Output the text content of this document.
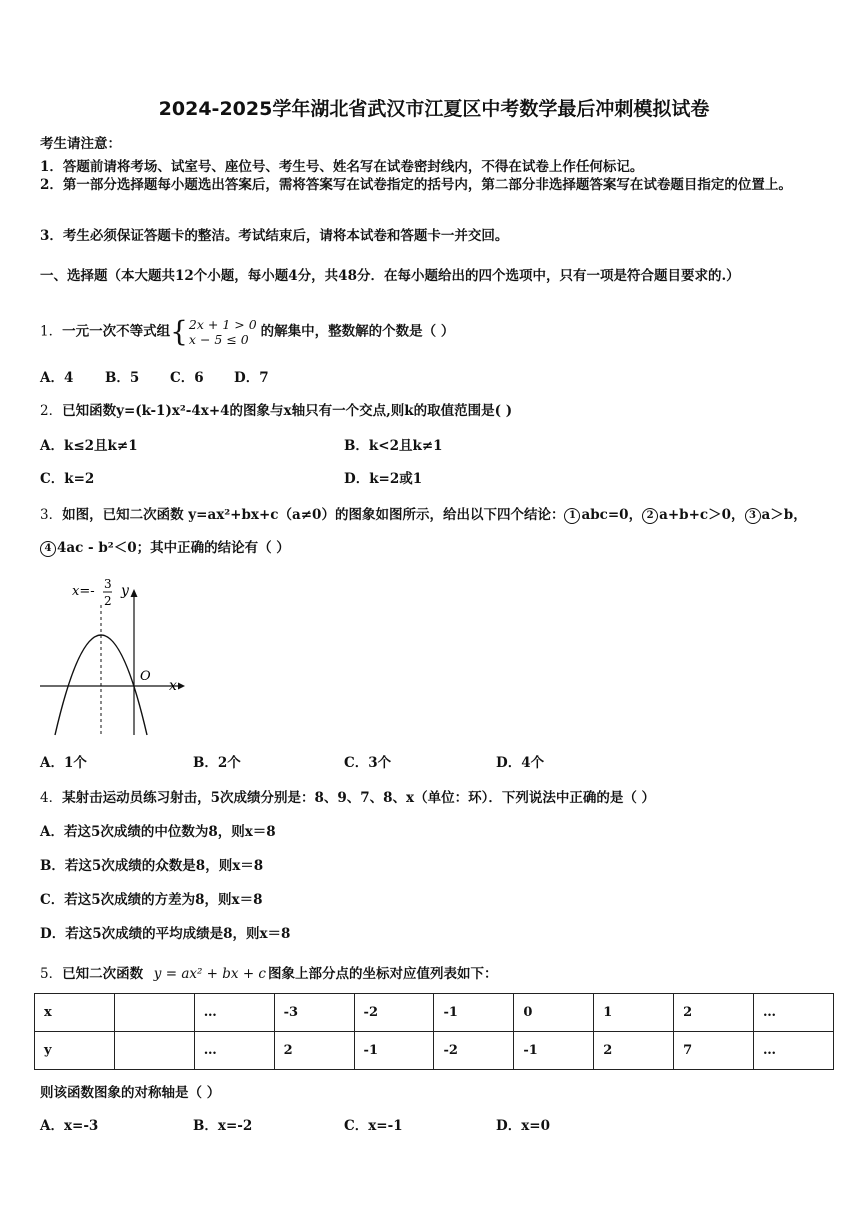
2024-2025学年湖北省武汉市江夏区中考数学最后冲刺模拟试卷
考生请注意：
1．答题前请将考场、试室号、座位号、考生号、姓名写在试卷密封线内，不得在试卷上作任何标记。
2．第一部分选择题每小题选出答案后，需将答案写在试卷指定的括号内，第二部分非选择题答案写在试卷题目指定的位置上。
3．考生必须保证答题卡的整洁。考试结束后，请将本试卷和答题卡一并交回。
一、选择题（本大题共12个小题，每小题4分，共48分．在每小题给出的四个选项中，只有一项是符合题目要求的.）
1．一元一次不等式组{2x + 1 > 0
x − 5 ≤ 0 的解集中，整数解的个数是（ ）
A．4 B．5 C．6 D．7
2．已知函数y=(k-1)x²-4x+4的图象与x轴只有一个交点,则k的取值范围是( )
A．k≤2且k≠1	B．k<2且k≠1
C．k=2	D．k=2或1
3．如图，已知二次函数 y=ax²+bx+c（a≠0）的图象如图所示，给出以下四个结论： 1 abc=0， 2 a+b+c＞0， 3 a＞b，
4 4ac - b²＜0；其中正确的结论有（ ）
x=- 3
2
y
x
O
A．1个	B．2个	C．3个	D．4个
4．某射击运动员练习射击，5次成绩分别是：8、9、7、8、x（单位：环）．下列说法中正确的是（ ）
A．若这5次成绩的中位数为8，则x＝8
B．若这5次成绩的众数是8，则x＝8
C．若这5次成绩的方差为8，则x＝8
D．若这5次成绩的平均成绩是8，则x＝8
5．已知二次函数 y = ax² + bx + c 图象上部分点的坐标对应值列表如下：
x		…	-3	-2	-1	0	1	2	…
y		…	2	-1	-2	-1	2	7	…
则该函数图象的对称轴是（ ）
A．x=-3	B．x=-2	C．x=-1	D．x=0
